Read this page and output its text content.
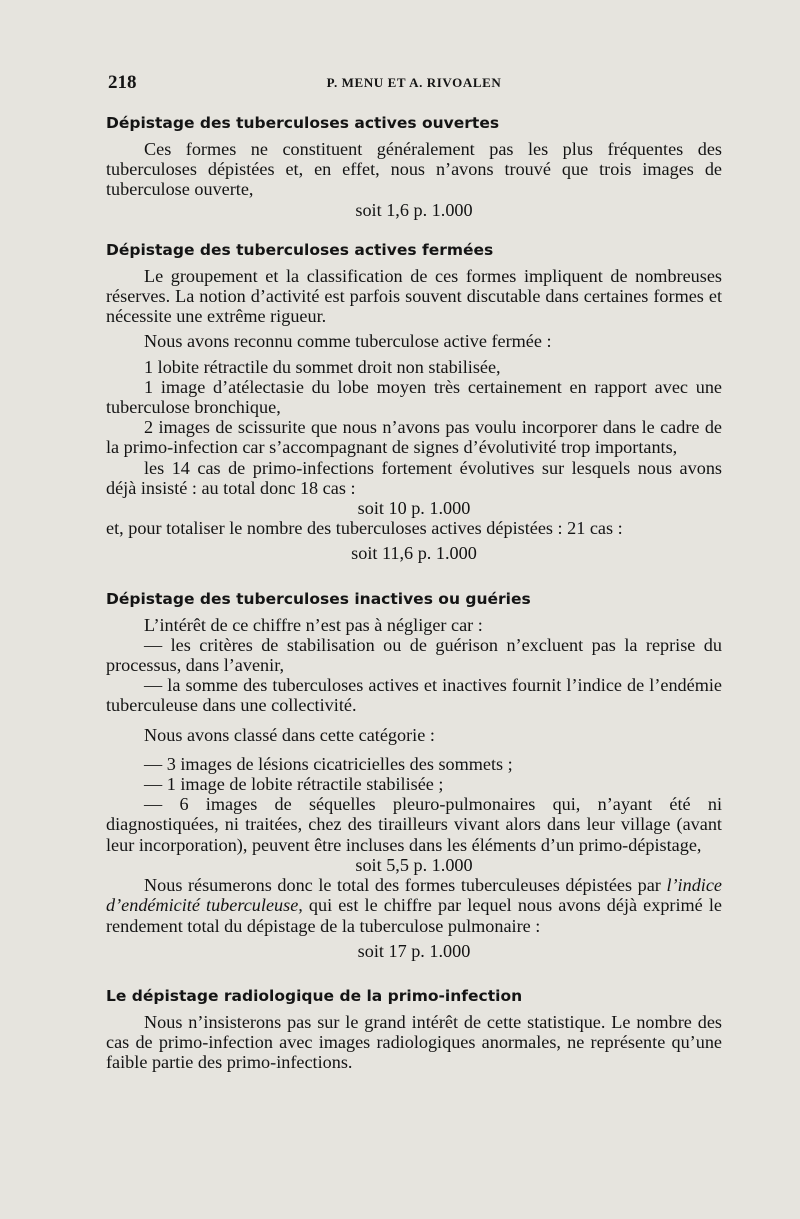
218	P. MENU ET A. RIVOALEN
Dépistage des tuberculoses actives ouvertes

Ces formes ne constituent généralement pas les plus fréquentes des tuberculoses dépistées et, en effet, nous n’avons trouvé que trois images de tuberculose ouverte,

soit 1,6 p. 1.000
Dépistage des tuberculoses actives fermées

Le groupement et la classification de ces formes impliquent de nombreuses réserves. La notion d’activité est parfois souvent discutable dans certaines formes et nécessite une extrême rigueur.

Nous avons reconnu comme tuberculose active fermée :

1 lobite rétractile du sommet droit non stabilisée,

1 image d’atélectasie du lobe moyen très certainement en rapport avec une tuberculose bronchique,

2 images de scissurite que nous n’avons pas voulu incorporer dans le cadre de la primo-infection car s’accompagnant de signes d’évolutivité trop importants,

les 14 cas de primo-infections fortement évolutives sur lesquels nous avons déjà insisté : au total donc 18 cas :

soit 10 p. 1.000

et, pour totaliser le nombre des tuberculoses actives dépistées : 21 cas :

soit 11,6 p. 1.000
Dépistage des tuberculoses inactives ou guéries

L’intérêt de ce chiffre n’est pas à négliger car :

— les critères de stabilisation ou de guérison n’excluent pas la reprise du processus, dans l’avenir,

— la somme des tuberculoses actives et inactives fournit l’indice de l’endémie tuberculeuse dans une collectivité.

Nous avons classé dans cette catégorie :

— 3 images de lésions cicatricielles des sommets ;

— 1 image de lobite rétractile stabilisée ;

— 6 images de séquelles pleuro-pulmonaires qui, n’ayant été ni diagnostiquées, ni traitées, chez des tirailleurs vivant alors dans leur village (avant leur incorporation), peuvent être incluses dans les éléments d’un primo-dépistage,

soit 5,5 p. 1.000

Nous résumerons donc le total des formes tuberculeuses dépistées par l’indice d’endémicité tuberculeuse, qui est le chiffre par lequel nous avons déjà exprimé le rendement total du dépistage de la tuberculose pulmonaire :

soit 17 p. 1.000
Le dépistage radiologique de la primo-infection

Nous n’insisterons pas sur le grand intérêt de cette statistique. Le nombre des cas de primo-infection avec images radiologiques anormales, ne représente qu’une faible partie des primo-infections.
